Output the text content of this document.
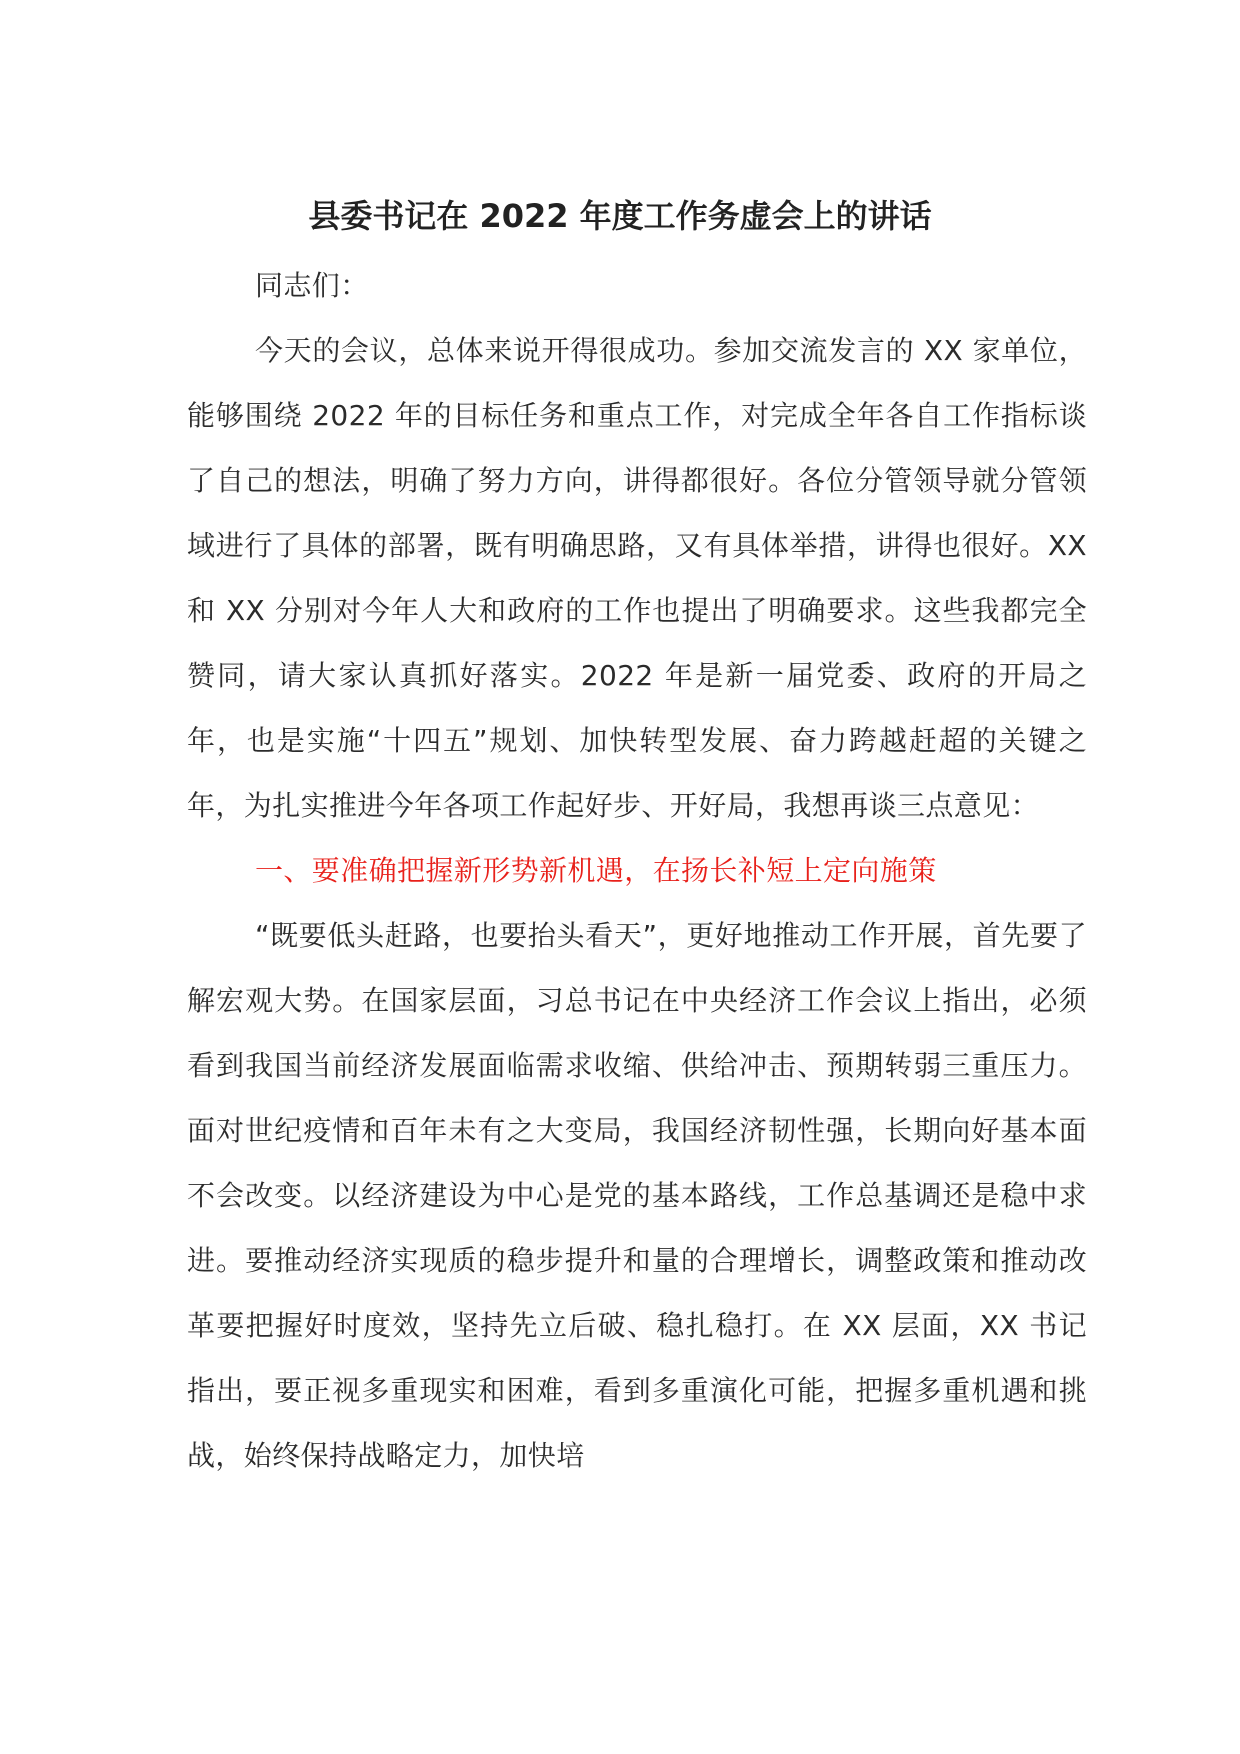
县委书记在 2022 年度工作务虚会上的讲话

同志们：

今天的会议，总体来说开得很成功。参加交流发言的 XX 家单位，能够围绕 2022 年的目标任务和重点工作，对完成全年各自工作指标谈了自己的想法，明确了努力方向，讲得都很好。各位分管领导就分管领域进行了具体的部署，既有明确思路，又有具体举措，讲得也很好。XX 和 XX 分别对今年人大和政府的工作也提出了明确要求。这些我都完全赞同，请大家认真抓好落实。2022 年是新一届党委、政府的开局之年，也是实施“十四五”规划、加快转型发展、奋力跨越赶超的关键之年，为扎实推进今年各项工作起好步、开好局，我想再谈三点意见：

一、要准确把握新形势新机遇，在扬长补短上定向施策

“既要低头赶路，也要抬头看天”，更好地推动工作开展，首先要了解宏观大势。在国家层面，习总书记在中央经济工作会议上指出，必须看到我国当前经济发展面临需求收缩、供给冲击、预期转弱三重压力。面对世纪疫情和百年未有之大变局，我国经济韧性强，长期向好基本面不会改变。以经济建设为中心是党的基本路线，工作总基调还是稳中求进。要推动经济实现质的稳步提升和量的合理增长，调整政策和推动改革要把握好时度效，坚持先立后破、稳扎稳打。在 XX 层面，XX 书记指出，要正视多重现实和困难，看到多重演化可能，把握多重机遇和挑战，始终保持战略定力，加快培
